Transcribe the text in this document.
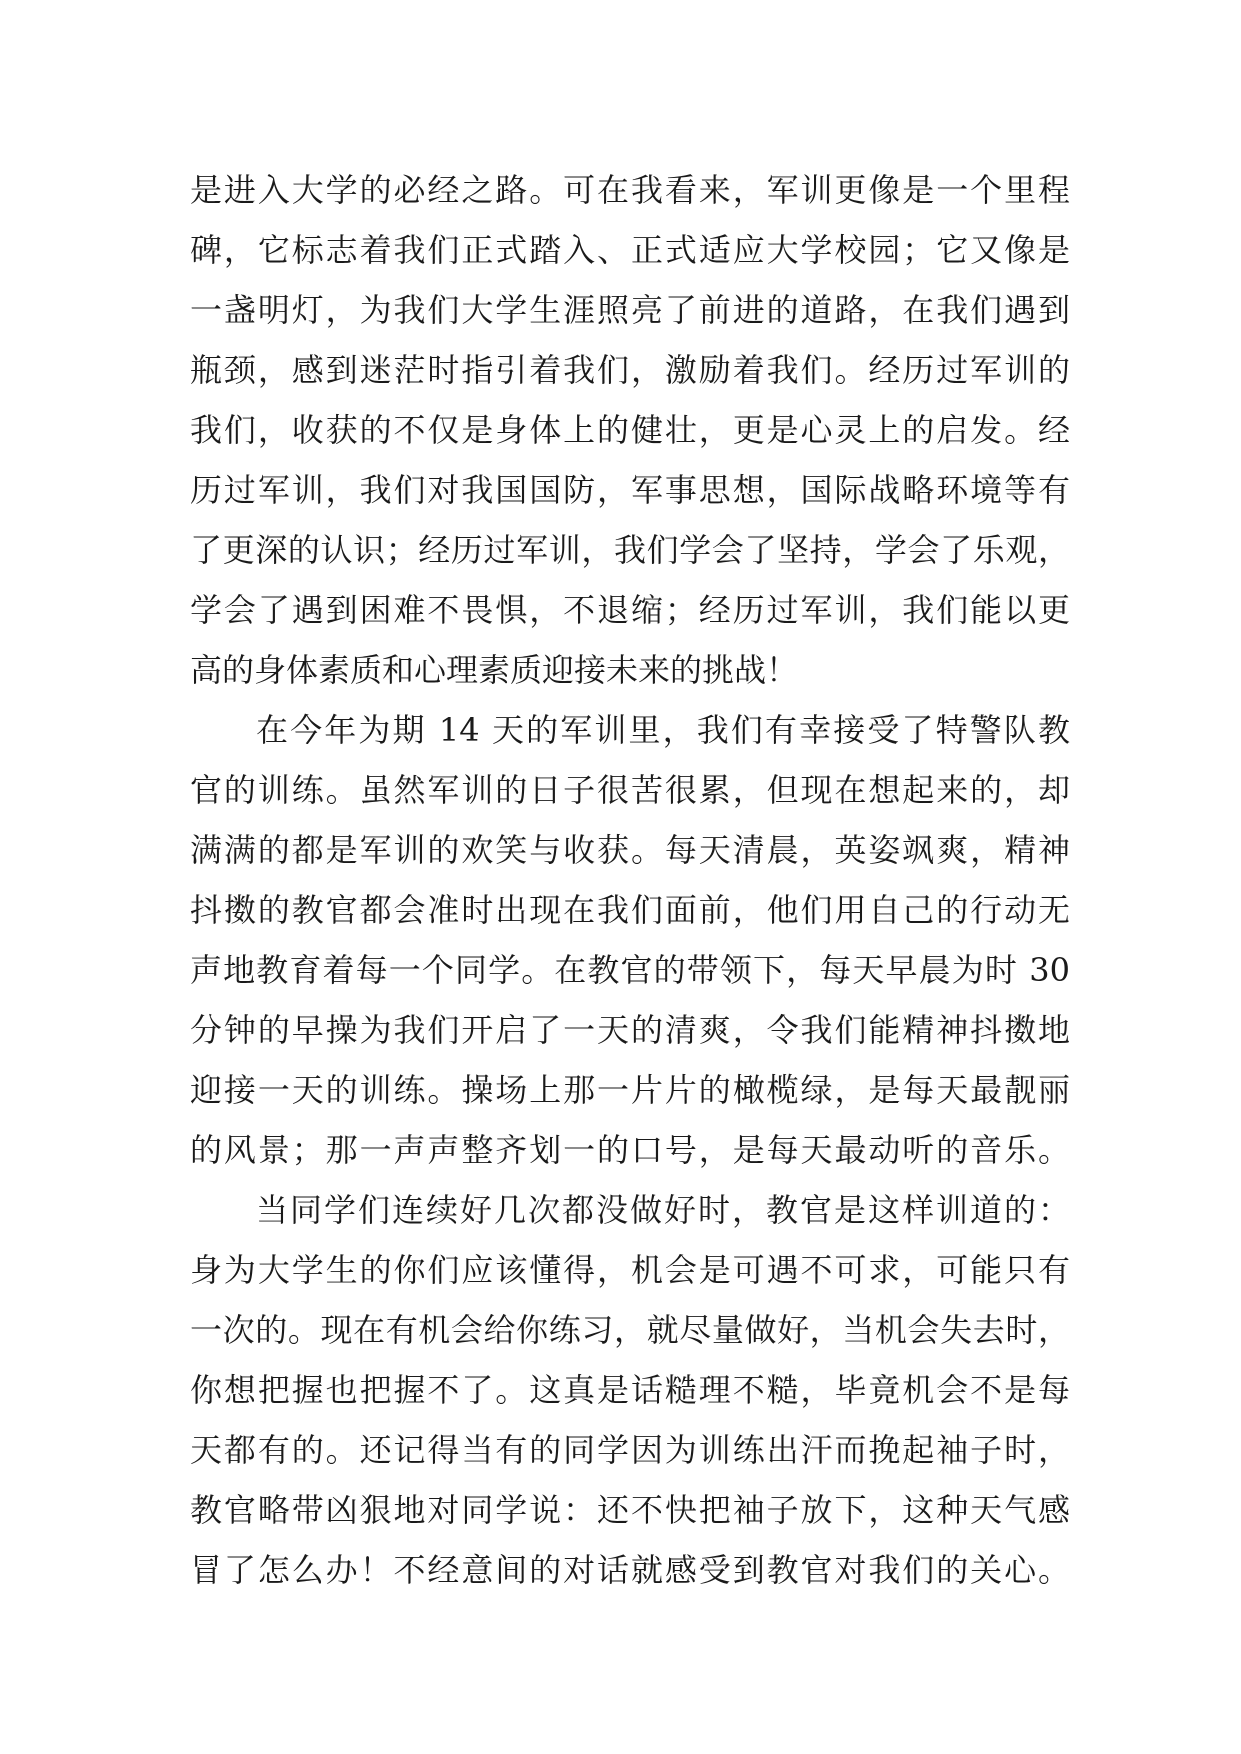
是进入大学的必经之路。可在我看来，军训更像是一个里程
碑，它标志着我们正式踏入、正式适应大学校园；它又像是
一盏明灯，为我们大学生涯照亮了前进的道路，在我们遇到
瓶颈，感到迷茫时指引着我们，激励着我们。经历过军训的
我们，收获的不仅是身体上的健壮，更是心灵上的启发。经
历过军训，我们对我国国防，军事思想，国际战略环境等有
了更深的认识；经历过军训，我们学会了坚持，学会了乐观，
学会了遇到困难不畏惧，不退缩；经历过军训，我们能以更
高的身体素质和心理素质迎接未来的挑战！
在今年为期 14 天的军训里，我们有幸接受了特警队教
官的训练。虽然军训的日子很苦很累，但现在想起来的，却
满满的都是军训的欢笑与收获。每天清晨，英姿飒爽，精神
抖擞的教官都会准时出现在我们面前，他们用自己的行动无
声地教育着每一个同学。在教官的带领下，每天早晨为时 30
分钟的早操为我们开启了一天的清爽，令我们能精神抖擞地
迎接一天的训练。操场上那一片片的橄榄绿，是每天最靓丽
的风景；那一声声整齐划一的口号，是每天最动听的音乐。
当同学们连续好几次都没做好时，教官是这样训道的：
身为大学生的你们应该懂得，机会是可遇不可求，可能只有
一次的。现在有机会给你练习，就尽量做好，当机会失去时，
你想把握也把握不了。这真是话糙理不糙，毕竟机会不是每
天都有的。还记得当有的同学因为训练出汗而挽起袖子时，
教官略带凶狠地对同学说：还不快把袖子放下，这种天气感
冒了怎么办！不经意间的对话就感受到教官对我们的关心。
